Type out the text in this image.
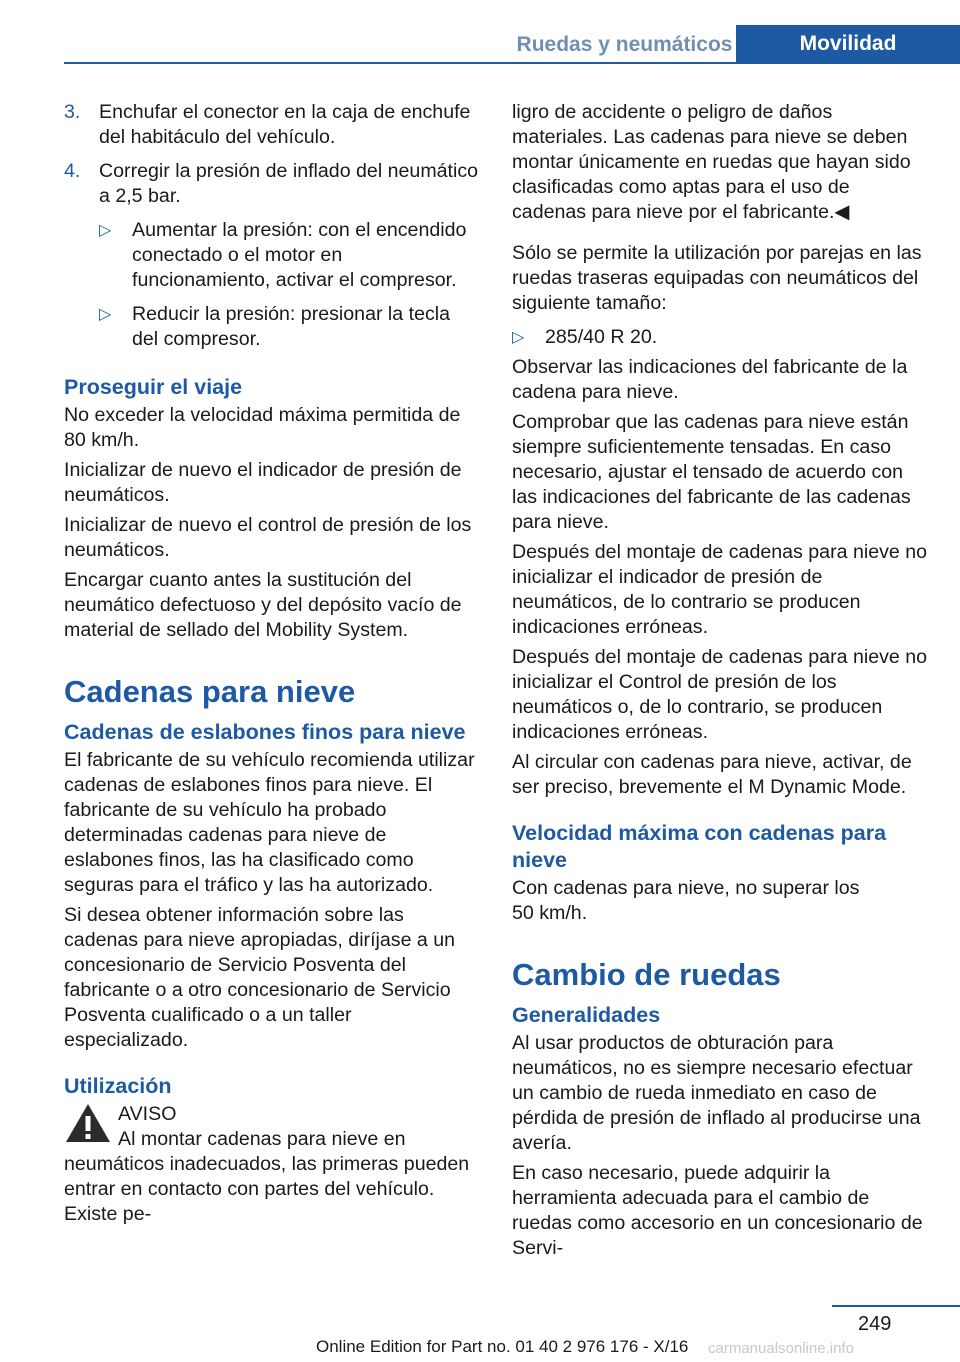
Ruedas y neumáticos	Movilidad
3. Enchufar el conector en la caja de enchufe del habitáculo del vehículo.
4. Corregir la presión de inflado del neumático a 2,5 bar.
▷ Aumentar la presión: con el encendido conectado o el motor en funcionamiento, activar el compresor.
▷ Reducir la presión: presionar la tecla del compresor.
Proseguir el viaje

No exceder la velocidad máxima permitida de 80 km/h.

Inicializar de nuevo el indicador de presión de neumáticos.

Inicializar de nuevo el control de presión de los neumáticos.

Encargar cuanto antes la sustitución del neumático defectuoso y del depósito vacío de material de sellado del Mobility System.

Cadenas para nieve
Cadenas de eslabones finos para nieve

El fabricante de su vehículo recomienda utilizar cadenas de eslabones finos para nieve. El fabricante de su vehículo ha probado determinadas cadenas para nieve de eslabones finos, las ha clasificado como seguras para el tráfico y las ha autorizado.

Si desea obtener información sobre las cadenas para nieve apropiadas, diríjase a un concesionario de Servicio Posventa del fabricante o a otro concesionario de Servicio Posventa cualificado o a un taller especializado.

Utilización
AVISO
Al montar cadenas para nieve en neumáticos inadecuados, las primeras pueden entrar en contacto con partes del vehículo. Existe pe-

ligro de accidente o peligro de daños materiales. Las cadenas para nieve se deben montar únicamente en ruedas que hayan sido clasificadas como aptas para el uso de cadenas para nieve por el fabricante.◀

Sólo se permite la utilización por parejas en las ruedas traseras equipadas con neumáticos del siguiente tamaño:

▷ 285/40 R 20.

Observar las indicaciones del fabricante de la cadena para nieve.

Comprobar que las cadenas para nieve están siempre suficientemente tensadas. En caso necesario, ajustar el tensado de acuerdo con las indicaciones del fabricante de las cadenas para nieve.

Después del montaje de cadenas para nieve no inicializar el indicador de presión de neumáticos, de lo contrario se producen indicaciones erróneas.

Después del montaje de cadenas para nieve no inicializar el Control de presión de los neumáticos o, de lo contrario, se producen indicaciones erróneas.

Al circular con cadenas para nieve, activar, de ser preciso, brevemente el M Dynamic Mode.

Velocidad máxima con cadenas para nieve

Con cadenas para nieve, no superar los 50 km/h.

Cambio de ruedas
Generalidades

Al usar productos de obturación para neumáticos, no es siempre necesario efectuar un cambio de rueda inmediato en caso de pérdida de presión de inflado al producirse una avería.

En caso necesario, puede adquirir la herramienta adecuada para el cambio de ruedas como accesorio en un concesionario de Servi-

249
Online Edition for Part no. 01 40 2 976 176 - X/16 carmanualsonline.info
